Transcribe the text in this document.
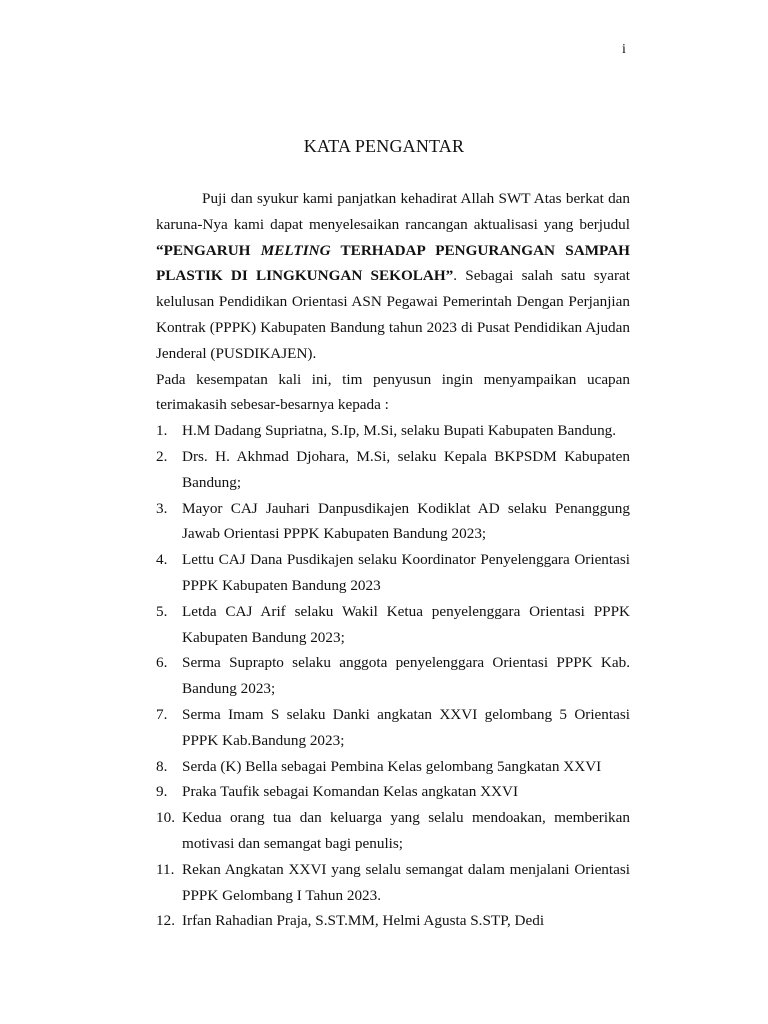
i
KATA PENGANTAR

Puji dan syukur kami panjatkan kehadirat Allah SWT Atas berkat dan karuna-Nya kami dapat menyelesaikan rancangan aktualisasi yang berjudul “PENGARUH MELTING TERHADAP PENGURANGAN SAMPAH PLASTIK DI LINGKUNGAN SEKOLAH”. Sebagai salah satu syarat kelulusan Pendidikan Orientasi ASN Pegawai Pemerintah Dengan Perjanjian Kontrak (PPPK) Kabupaten Bandung tahun 2023 di Pusat Pendidikan Ajudan Jenderal (PUSDIKAJEN).

Pada kesempatan kali ini, tim penyusun ingin menyampaikan ucapan terimakasih sebesar-besarnya kepada :

1. H.M Dadang Supriatna, S.Ip, M.Si, selaku Bupati Kabupaten Bandung.
2. Drs. H. Akhmad Djohara, M.Si, selaku Kepala BKPSDM Kabupaten Bandung;
3. Mayor CAJ Jauhari Danpusdikajen Kodiklat AD selaku Penanggung Jawab Orientasi PPPK Kabupaten Bandung 2023;
4. Lettu CAJ Dana Pusdikajen selaku Koordinator Penyelenggara Orientasi PPPK Kabupaten Bandung 2023
5. Letda CAJ Arif selaku Wakil Ketua penyelenggara Orientasi PPPK Kabupaten Bandung 2023;
6. Serma Suprapto selaku anggota penyelenggara Orientasi PPPK Kab. Bandung 2023;
7. Serma Imam S selaku Danki angkatan XXVI gelombang 5 Orientasi PPPK Kab.Bandung 2023;
8. Serda (K) Bella sebagai Pembina Kelas gelombang 5angkatan XXVI
9. Praka Taufik sebagai Komandan Kelas angkatan XXVI
10. Kedua orang tua dan keluarga yang selalu mendoakan, memberikan motivasi dan semangat bagi penulis;
11. Rekan Angkatan XXVI yang selalu semangat dalam menjalani Orientasi PPPK Gelombang I Tahun 2023.
12. Irfan Rahadian Praja, S.ST.MM, Helmi Agusta S.STP, Dedi
